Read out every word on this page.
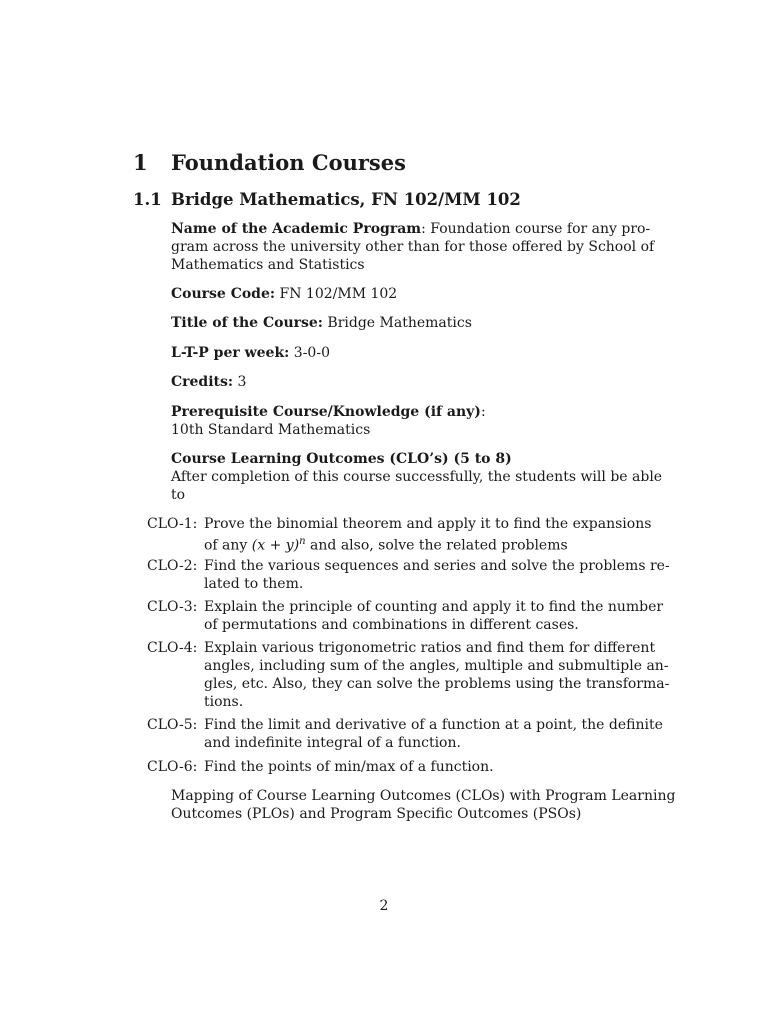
1 Foundation Courses
1.1 Bridge Mathematics, FN 102/MM 102
Name of the Academic Program: Foundation course for any pro-
gram across the university other than for those offered by School of
Mathematics and Statistics
Course Code: FN 102/MM 102
Title of the Course: Bridge Mathematics
L-T-P per week: 3-0-0
Credits: 3
Prerequisite Course/Knowledge (if any):
10th Standard Mathematics
Course Learning Outcomes (CLO’s) (5 to 8)
After completion of this course successfully, the students will be able
to
CLO-1: Prove the binomial theorem and apply it to find the expansions
of any $(x + y)^n$ and also, solve the related problems
CLO-2: Find the various sequences and series and solve the problems re-
lated to them.
CLO-3: Explain the principle of counting and apply it to find the number
of permutations and combinations in different cases.
CLO-4: Explain various trigonometric ratios and find them for different
angles, including sum of the angles, multiple and submultiple an-
gles, etc. Also, they can solve the problems using the transforma-
tions.
CLO-5: Find the limit and derivative of a function at a point, the definite
and indefinite integral of a function.
CLO-6: Find the points of min/max of a function.
Mapping of Course Learning Outcomes (CLOs) with Program Learning
Outcomes (PLOs) and Program Specific Outcomes (PSOs)
2
